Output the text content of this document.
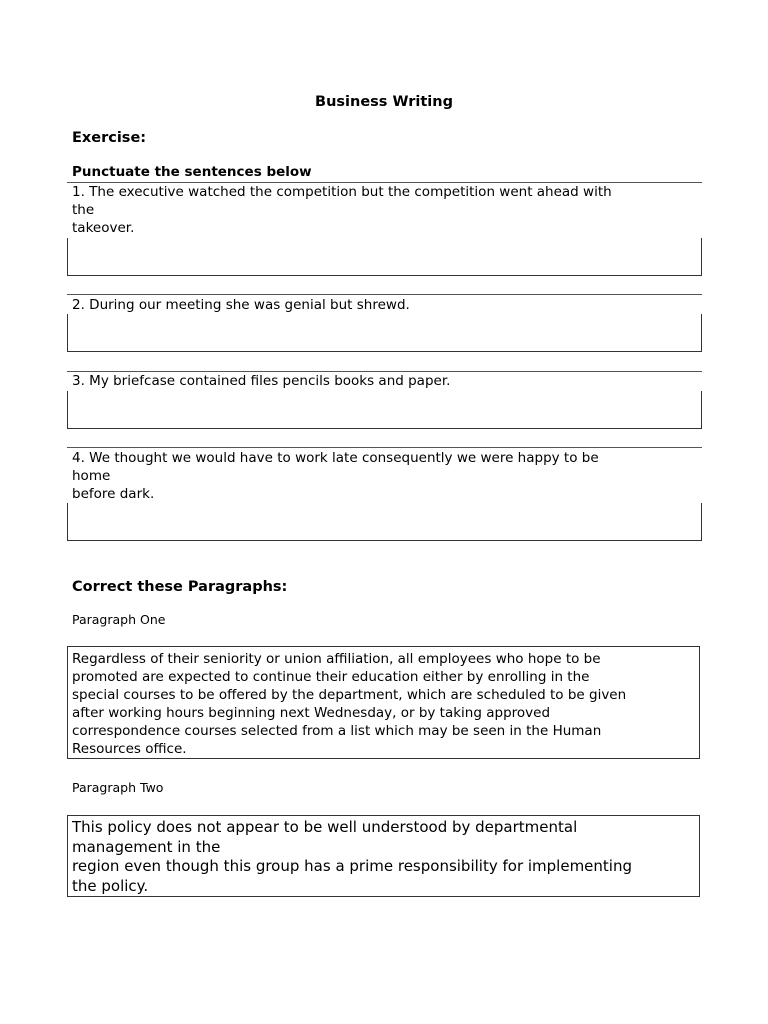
Business Writing
Exercise:
Punctuate the sentences below
1. The executive watched the competition but the competition went ahead with
the
takeover.
2. During our meeting she was genial but shrewd.
3. My briefcase contained files pencils books and paper.
4. We thought we would have to work late consequently we were happy to be
home
before dark.
Correct these Paragraphs:
Paragraph One
Regardless of their seniority or union affiliation, all employees who hope to be
promoted are expected to continue their education either by enrolling in the
special courses to be offered by the department, which are scheduled to be given
after working hours beginning next Wednesday, or by taking approved
correspondence courses selected from a list which may be seen in the Human
Resources office.
Paragraph Two
This policy does not appear to be well understood by departmental
management in the
region even though this group has a prime responsibility for implementing
the policy.
